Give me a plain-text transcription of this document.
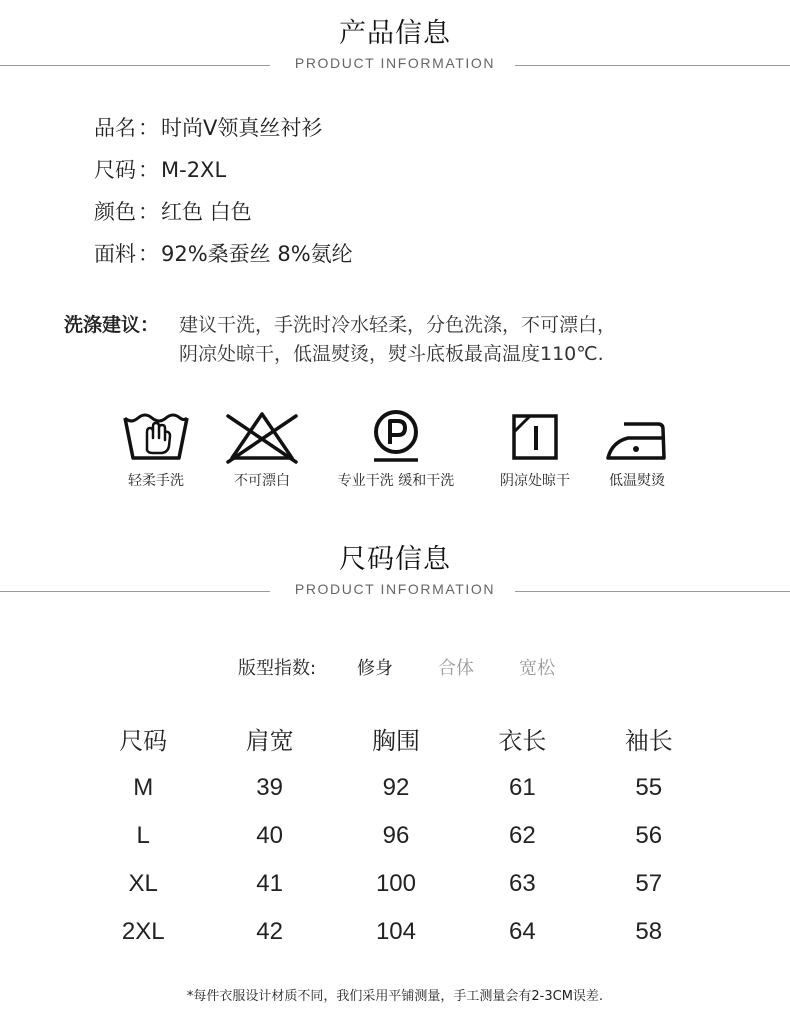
产品信息
PRODUCT INFORMATION
品名：时尚V领真丝衬衫
尺码：M-2XL
颜色：红色 白色
面料：92%桑蚕丝 8%氨纶
洗涤建议： 建议干洗，手洗时冷水轻柔，分色洗涤，不可漂白，
阴凉处晾干，低温熨烫，熨斗底板最高温度110℃.
轻柔手洗	不可漂白	专业干洗 缓和干洗	阴凉处晾干	低温熨烫
尺码信息
PRODUCT INFORMATION
版型指数: 修身	合体	宽松
尺码	肩宽	胸围	衣长	袖长
M	39	92	61	55
L	40	96	62	56
XL	41	100	63	57
2XL	42	104	64	58
*每件衣服设计材质不同，我们采用平铺测量，手工测量会有2-3CM误差.
